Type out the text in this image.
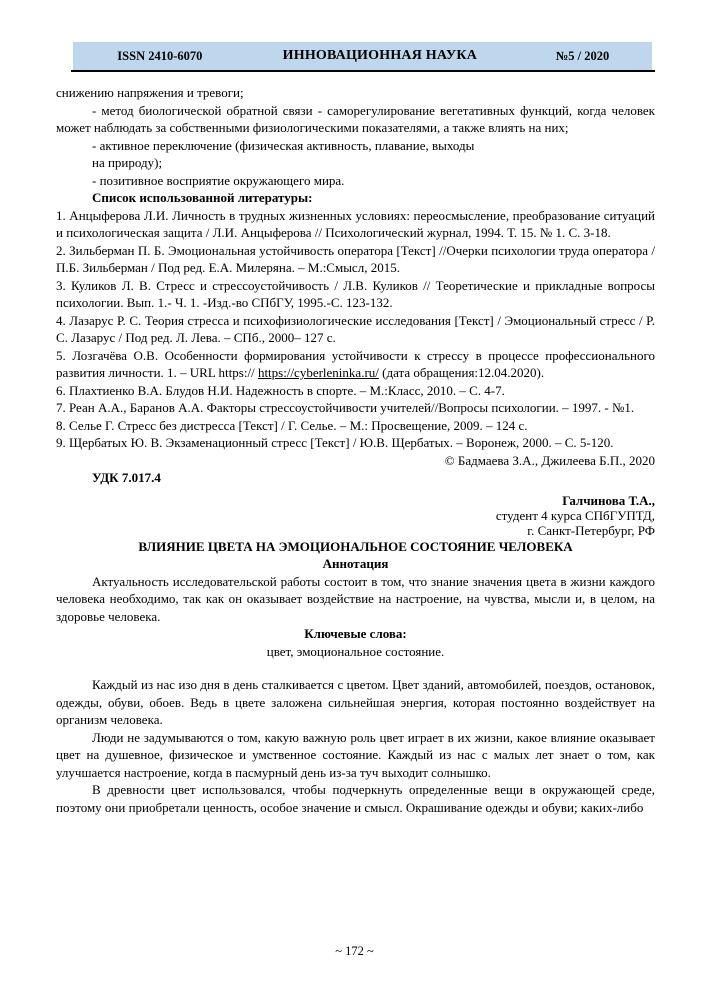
ISSN 2410-6070	ИННОВАЦИОННАЯ НАУКА	№5 / 2020

снижению напряжения и тревоги;

- метод биологической обратной связи - саморегулирование вегетативных функций, когда человек может наблюдать за собственными физиологическими показателями, а также влиять на них;

- активное переключение (физическая активность, плавание, выходы

на природу);

- позитивное восприятие окружающего мира.

Список использованной литературы:

1. Анцыферова Л.И. Личность в трудных жизненных условиях: переосмысление, преобразование ситуаций и психологическая защита / Л.И. Анцыферова // Психологический журнал, 1994. Т. 15. № 1. С. 3-18.

2. Зильберман П. Б. Эмоциональная устойчивость оператора [Текст] //Очерки психологии труда оператора / П.Б. Зильберман / Под ред. Е.А. Милеряна. – М.:Смысл, 2015.

3. Куликов Л. В. Стресс и стрессоустойчивость / Л.В. Куликов // Теоретические и прикладные вопросы психологии. Вып. 1.- Ч. 1. -Изд.-во СПбГУ, 1995.-С. 123-132.

4. Лазарус Р. С. Теория стресса и психофизиологические исследования [Текст] / Эмоциональный стресс / Р. С. Лазарус / Под ред. Л. Лева. – СПб., 2000– 127 с.

5. Лозгачёва О.В. Особенности формирования устойчивости к стрессу в процессе профессионального развития личности. 1. – URL https:// https://cyberleninka.ru/ (дата обращения:12.04.2020).

6. Плахтиенко В.А. Блудов Н.И. Надежность в спорте. – М.:Класс, 2010. – С. 4-7.

7. Реан А.А., Баранов А.А. Факторы стрессоустойчивости учителей//Вопросы психологии. – 1997. - №1.

8. Селье Г. Стресс без дистресса [Текст] / Г. Селье. – М.: Просвещение, 2009. – 124 с.

9. Щербатых Ю. В. Экзаменационный стресс [Текст] / Ю.В. Щербатых. – Воронеж, 2000. – С. 5-120.

© Бадмаева З.А., Джилеева Б.П., 2020

УДК 7.017.4

Галчинова Т.А.,

студент 4 курса СПбГУПТД,

г. Санкт-Петербург, РФ

ВЛИЯНИЕ ЦВЕТА НА ЭМОЦИОНАЛЬНОЕ СОСТОЯНИЕ ЧЕЛОВЕКА

Аннотация

Актуальность исследовательской работы состоит в том, что знание значения цвета в жизни каждого человека необходимо, так как он оказывает воздействие на настроение, на чувства, мысли и, в целом, на здоровье человека.

Ключевые слова:

цвет, эмоциональное состояние.

Каждый из нас изо дня в день сталкивается с цветом. Цвет зданий, автомобилей, поездов, остановок, одежды, обуви, обоев. Ведь в цвете заложена сильнейшая энергия, которая постоянно воздействует на организм человека.

Люди не задумываются о том, какую важную роль цвет играет в их жизни, какое влияние оказывает цвет на душевное, физическое и умственное состояние. Каждый из нас с малых лет знает о том, как улучшается настроение, когда в пасмурный день из-за туч выходит солнышко.

В древности цвет использовался, чтобы подчеркнуть определенные вещи в окружающей среде, поэтому они приобретали ценность, особое значение и смысл. Окрашивание одежды и обуви; каких-либо

~ 172 ~
